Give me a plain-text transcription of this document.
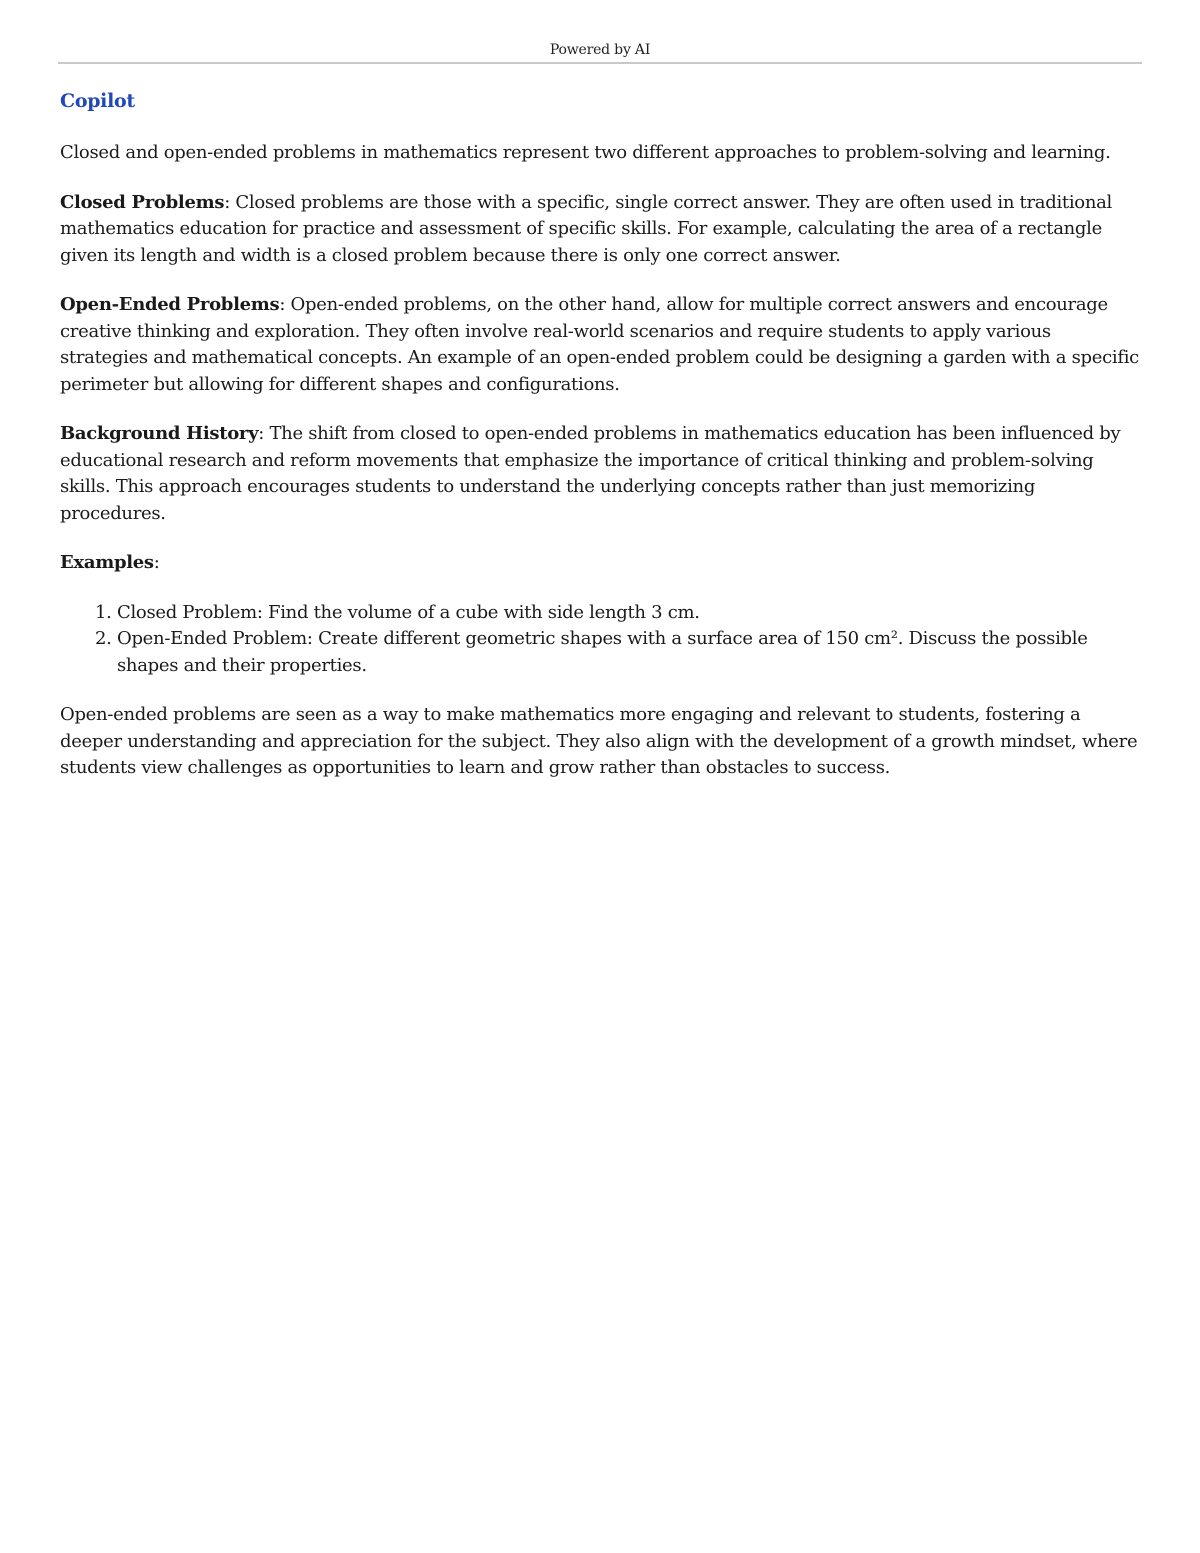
Powered by AI
Copilot

Closed and open-ended problems in mathematics represent two different approaches to problem-solving and learning.

Closed Problems: Closed problems are those with a specific, single correct answer. They are often used in traditional mathematics education for practice and assessment of specific skills. For example, calculating the area of a rectangle given its length and width is a closed problem because there is only one correct answer.

Open-Ended Problems: Open-ended problems, on the other hand, allow for multiple correct answers and encourage creative thinking and exploration. They often involve real-world scenarios and require students to apply various strategies and mathematical concepts. An example of an open-ended problem could be designing a garden with a specific perimeter but allowing for different shapes and configurations.

Background History: The shift from closed to open-ended problems in mathematics education has been influenced by educational research and reform movements that emphasize the importance of critical thinking and problem-solving skills. This approach encourages students to understand the underlying concepts rather than just memorizing procedures.

Examples:

1. Closed Problem: Find the volume of a cube with side length 3 cm.
2. Open-Ended Problem: Create different geometric shapes with a surface area of 150 cm². Discuss the possible shapes and their properties.

Open-ended problems are seen as a way to make mathematics more engaging and relevant to students, fostering a deeper understanding and appreciation for the subject. They also align with the development of a growth mindset, where students view challenges as opportunities to learn and grow rather than obstacles to success.
